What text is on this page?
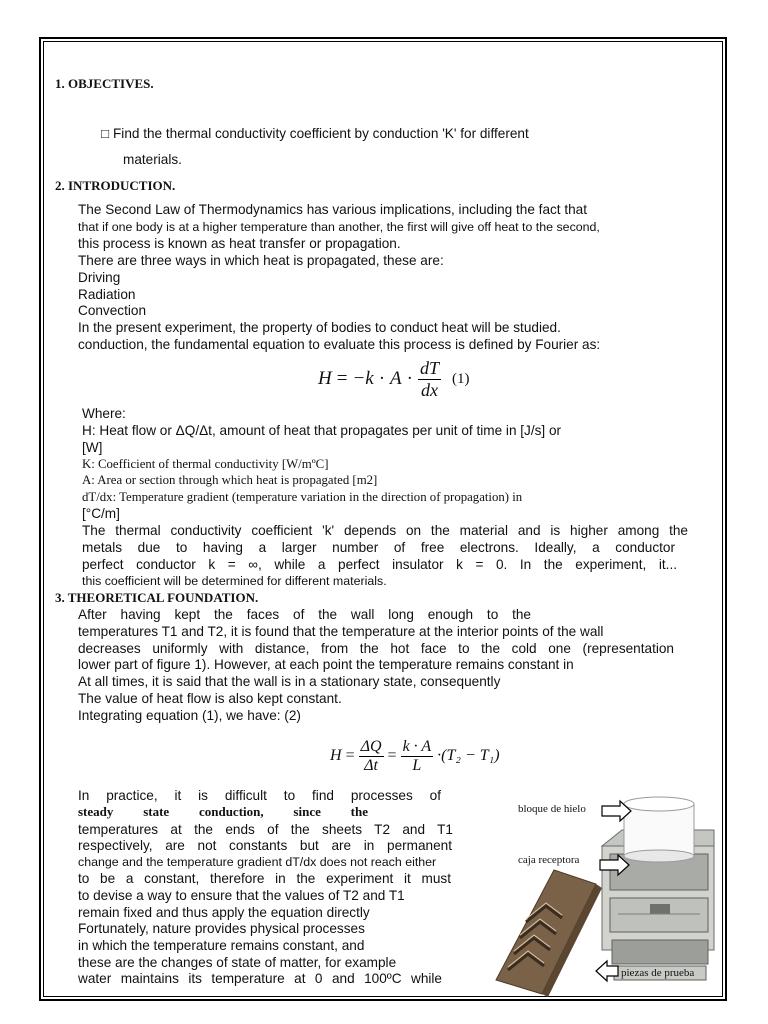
1. OBJECTIVES.
□ Find the thermal conductivity coefficient by conduction 'K' for different
materials.
2. INTRODUCTION.
The Second Law of Thermodynamics has various implications, including the fact that
that if one body is at a higher temperature than another, the first will give off heat to the second,
this process is known as heat transfer or propagation.
There are three ways in which heat is propagated, these are:
Driving
Radiation
Convection
In the present experiment, the property of bodies to conduct heat will be studied.
conduction, the fundamental equation to evaluate this process is defined by Fourier as:
$H = -k \cdot A \cdot \frac{dT}{dx} (1)$
Where:
H: Heat flow or ΔQ/Δt, amount of heat that propagates per unit of time in [J/s] or
[W]
K: Coefficient of thermal conductivity [W/mºC]
A: Area or section through which heat is propagated [m2]
dT/dx: Temperature gradient (temperature variation in the direction of propagation) in
[°C/m]
The thermal conductivity coefficient 'k' depends on the material and is higher among the
metals due to having a larger number of free electrons. Ideally, a conductor
perfect conductor k = ∞, while a perfect insulator k = 0. In the experiment, it...
this coefficient will be determined for different materials.
3. THEORETICAL FOUNDATION.
After having kept the faces of the wall long enough to the
temperatures T1 and T2, it is found that the temperature at the interior points of the wall
decreases uniformly with distance, from the hot face to the cold one (representation
lower part of figure 1). However, at each point the temperature remains constant in
At all times, it is said that the wall is in a stationary state, consequently
The value of heat flow is also kept constant.
Integrating equation (1), we have: (2)
$H = \frac{\Delta Q}{\Delta t} = \frac{k \cdot A}{L} \cdot(T_2 - T_1)$
In practice, it is difficult to find processes of
steady state conduction, since the
temperatures at the ends of the sheets T2 and T1
respectively, are not constants but are in permanent
change and the temperature gradient dT/dx does not reach either
to be a constant, therefore in the experiment it must
to devise a way to ensure that the values of T2 and T1
remain fixed and thus apply the equation directly
Fortunately, nature provides physical processes
in which the temperature remains constant, and
these are the changes of state of matter, for example
water maintains its temperature at 0 and 100ºC while
bloque de hielo
caja receptora
piezas de prueba
